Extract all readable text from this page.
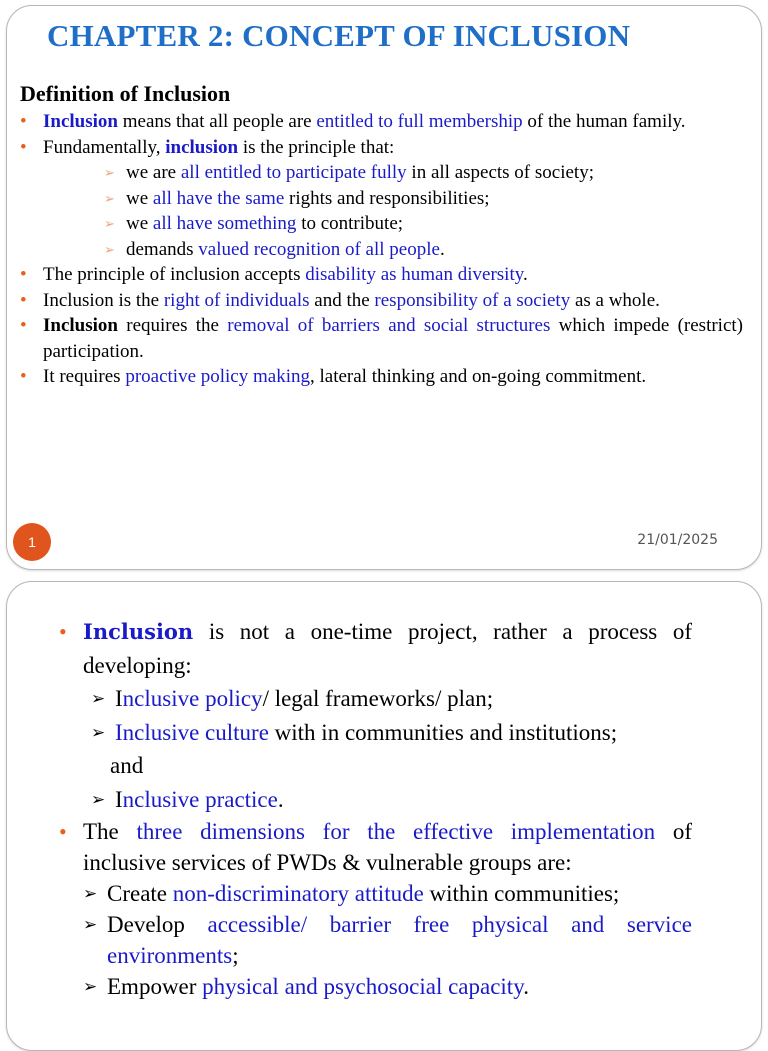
CHAPTER 2: CONCEPT OF INCLUSION
Definition of Inclusion
• Inclusion means that all people are entitled to full membership of the human family.
• Fundamentally, inclusion is the principle that:
➢ we are all entitled to participate fully in all aspects of society;
➢ we all have the same rights and responsibilities;
➢ we all have something to contribute;
➢ demands valued recognition of all people.
• The principle of inclusion accepts disability as human diversity.
• Inclusion is the right of individuals and the responsibility of a society as a whole.
• Inclusion requires the removal of barriers and social structures which impede (restrict) participation.
• It requires proactive policy making, lateral thinking and on-going commitment.
1	21/01/2025
• Inclusion is not a one-time project, rather a process of developing:
➢ Inclusive policy/ legal frameworks/ plan;
➢ Inclusive culture with in communities and institutions;
and
➢ Inclusive practice.
• The three dimensions for the effective implementation of inclusive services of PWDs & vulnerable groups are:
➢ Create non-discriminatory attitude within communities;
➢ Develop accessible/ barrier free physical and service environments;
➢ Empower physical and psychosocial capacity.
